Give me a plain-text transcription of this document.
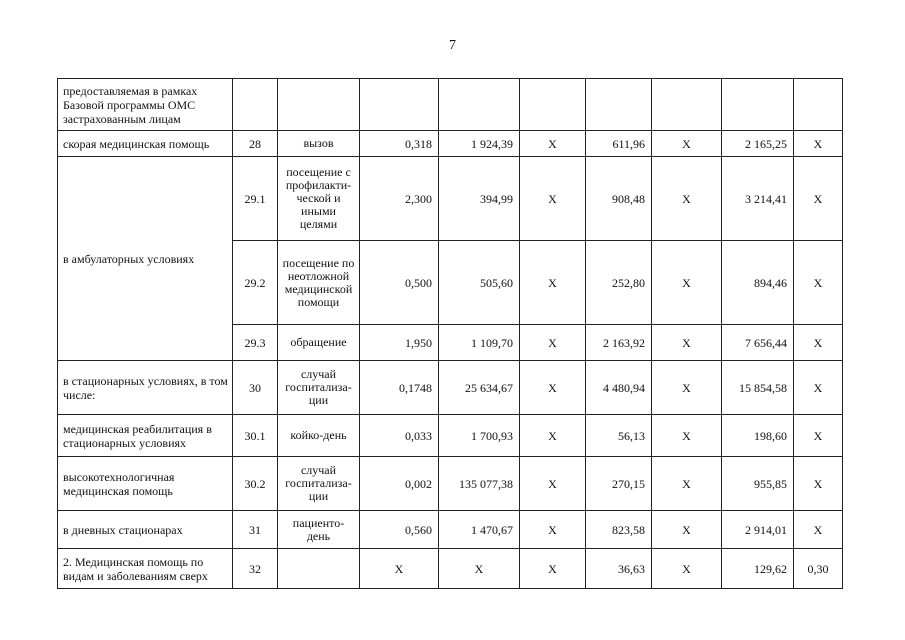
7
предоставляемая в рамках Базовой программы ОМС застрахованным лицам									
скорая медицинская помощь	28	вызов	0,318	1 924,39	Х	611,96	Х	2 165,25	Х
в амбулаторных условиях	29.1	посещение с профилакти-ческой и иными целями	2,300	394,99	Х	908,48	Х	3 214,41	Х
	29.2	посещение по неотложной медицинской помощи	0,500	505,60	Х	252,80	Х	894,46	Х
	29.3	обращение	1,950	1 109,70	Х	2 163,92	Х	7 656,44	Х
в стационарных условиях, в том числе:	30	случай госпитализа-ции	0,1748	25 634,67	Х	4 480,94	Х	15 854,58	Х
медицинская реабилитация в стационарных условиях	30.1	койко-день	0,033	1 700,93	Х	56,13	Х	198,60	Х
высокотехнологичная медицинская помощь	30.2	случай госпитализа-ции	0,002	135 077,38	Х	270,15	Х	955,85	Х
в дневных стационарах	31	пациенто-день	0,560	1 470,67	Х	823,58	Х	2 914,01	Х
2. Медицинская помощь по видам и заболеваниям сверх	32		Х	Х	Х	36,63	Х	129,62	0,30
